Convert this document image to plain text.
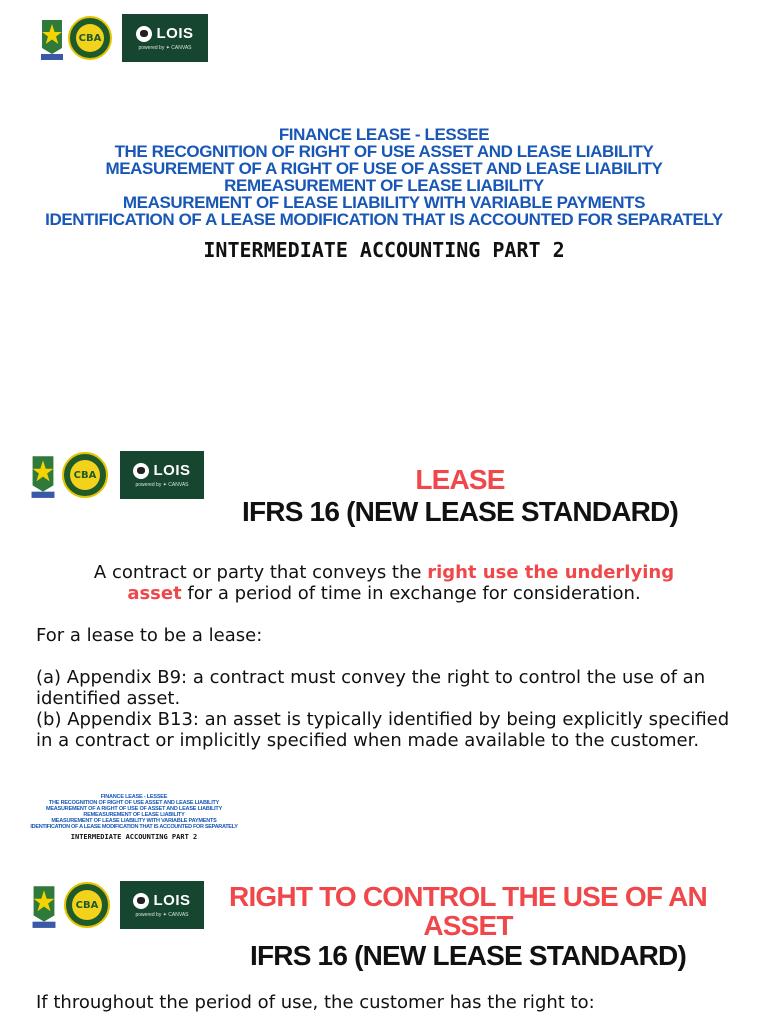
CBA	LOIS
powered by ✦ CANVAS
FINANCE LEASE - LESSEE
THE RECOGNITION OF RIGHT OF USE ASSET AND LEASE LIABILITY
MEASUREMENT OF A RIGHT OF USE OF ASSET AND LEASE LIABILITY
REMEASUREMENT OF LEASE LIABILITY
MEASUREMENT OF LEASE LIABILITY WITH VARIABLE PAYMENTS
IDENTIFICATION OF A LEASE MODIFICATION THAT IS ACCOUNTED FOR SEPARATELY
INTERMEDIATE ACCOUNTING PART 2
CBA	LOIS
powered by ✦ CANVAS	LEASE
IFRS 16 (NEW LEASE STANDARD)
A contract or party that conveys the right use the underlying
asset for a period of time in exchange for consideration.
For a lease to be a lease:
(a) Appendix B9: a contract must convey the right to control the use of an identified asset.
(b) Appendix B13: an asset is typically identified by being explicitly specified in a contract or implicitly specified when made available to the customer.
FINANCE LEASE - LESSEE
THE RECOGNITION OF RIGHT OF USE ASSET AND LEASE LIABILITY
MEASUREMENT OF A RIGHT OF USE OF ASSET AND LEASE LIABILITY
REMEASUREMENT OF LEASE LIABILITY
MEASUREMENT OF LEASE LIABILITY WITH VARIABLE PAYMENTS
IDENTIFICATION OF A LEASE MODIFICATION THAT IS ACCOUNTED FOR SEPARATELY
INTERMEDIATE ACCOUNTING PART 2
CBA	LOIS
powered by ✦ CANVAS
RIGHT TO CONTROL THE USE OF AN
ASSET
IFRS 16 (NEW LEASE STANDARD)
If throughout the period of use, the customer has the right to:
